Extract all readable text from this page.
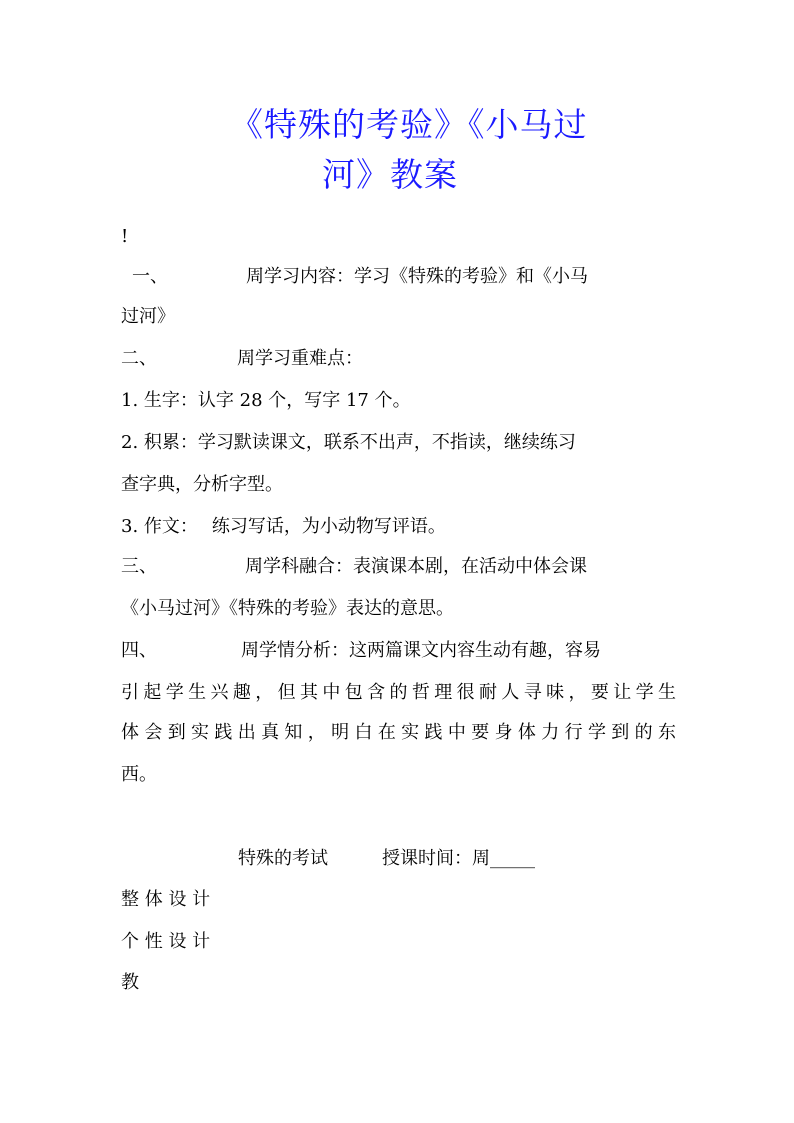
《特殊的考验》《小马过
河》教案
!
一、	周学习内容：学习《特殊的考验》和《小马
过河》
二、	周学习重难点：
1. 生字：认字 28 个，写字 17 个。
2. 积累：学习默读课文，联系不出声，不指读，继续练习
查字典，分析字型。
3. 作文： 练习写话，为小动物写评语。
三、	周学科融合：表演课本剧，在活动中体会课
《小马过河》《特殊的考验》表达的意思。
四、	周学情分析：这两篇课文内容生动有趣，容易
引起学生兴趣，但其中包含的哲理很耐人寻味，要让学生
体会到实践出真知，明白在实践中要身体力行学到的东
西。
特殊的考试	授课时间：周_____
整 体 设 计
个 性 设 计
教
